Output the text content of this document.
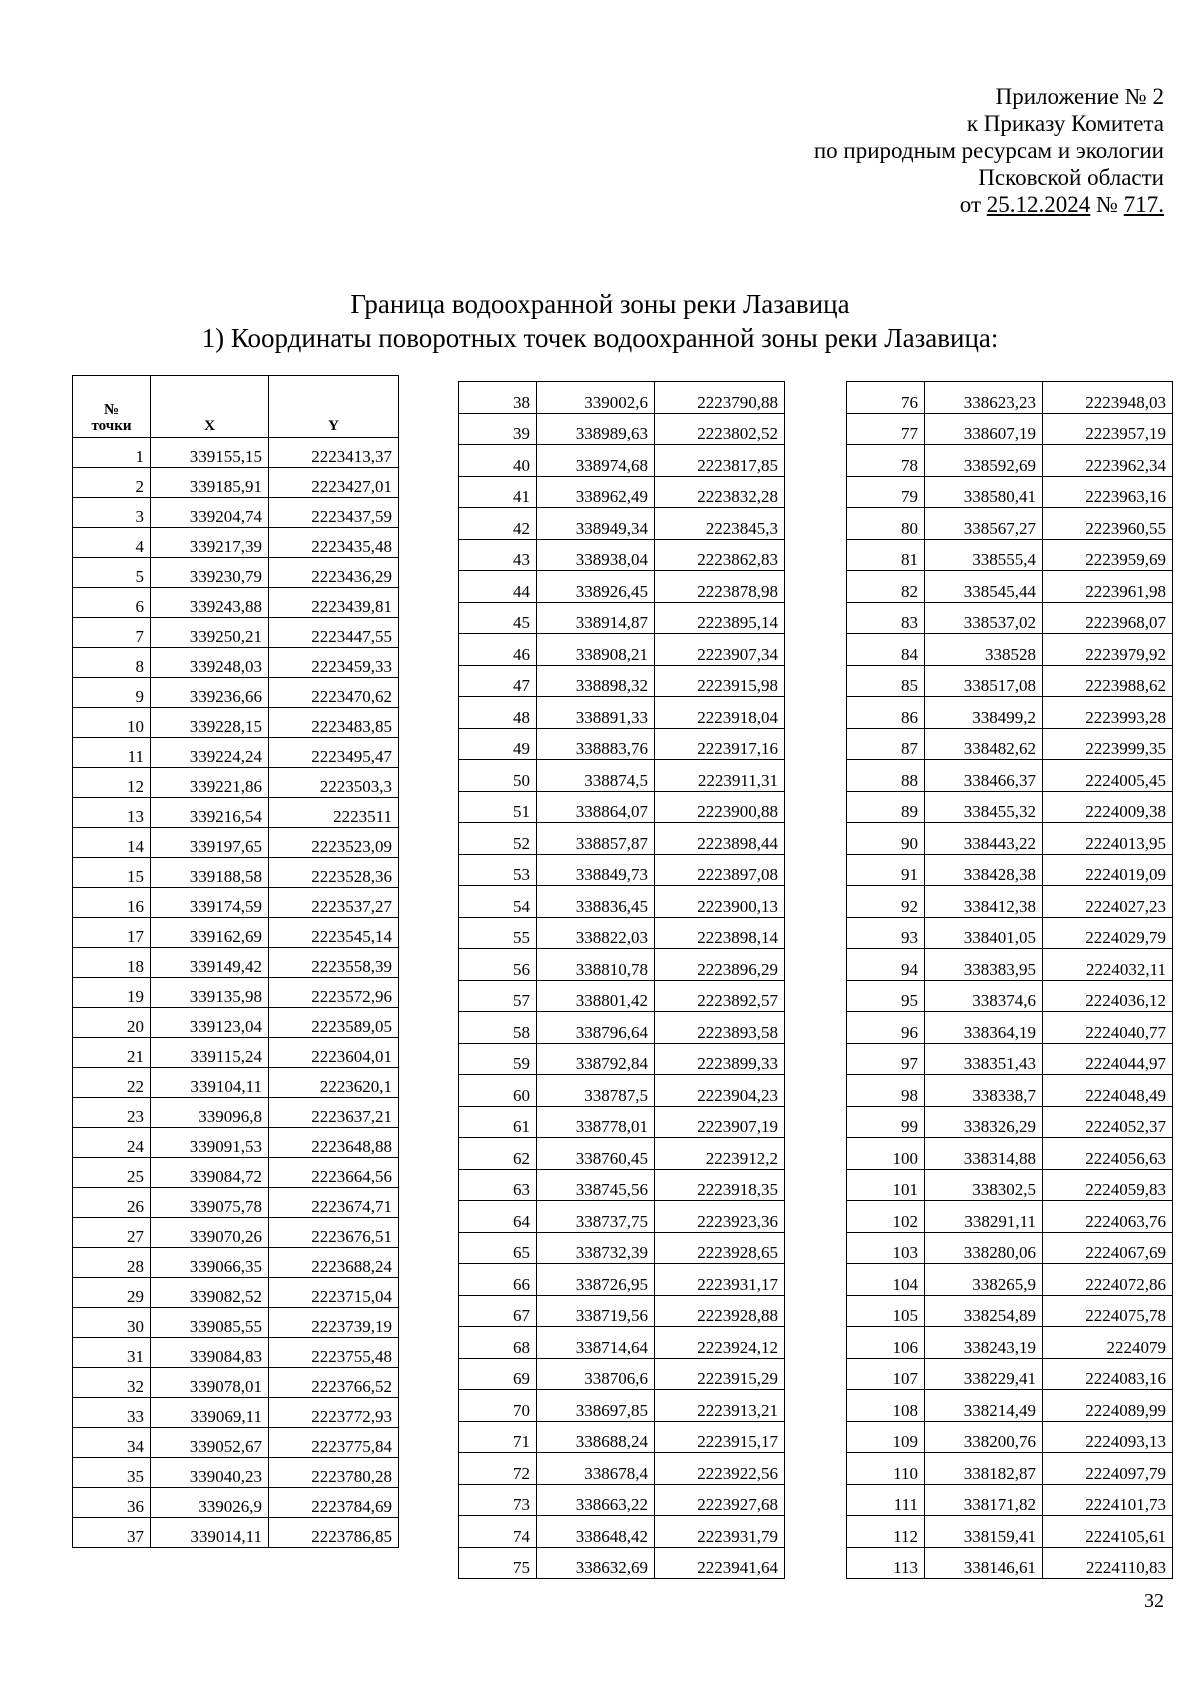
Приложение № 2
к Приказу Комитета
по природным ресурсам и экологии
Псковской области
от 25.12.2024 № 717.
Граница водоохранной зоны реки Лазавица
1) Координаты поворотных точек водоохранной зоны реки Лазавица:
№
точки	X	Y
1	339155,15	2223413,37
2	339185,91	2223427,01
3	339204,74	2223437,59
4	339217,39	2223435,48
5	339230,79	2223436,29
6	339243,88	2223439,81
7	339250,21	2223447,55
8	339248,03	2223459,33
9	339236,66	2223470,62
10	339228,15	2223483,85
11	339224,24	2223495,47
12	339221,86	2223503,3
13	339216,54	2223511
14	339197,65	2223523,09
15	339188,58	2223528,36
16	339174,59	2223537,27
17	339162,69	2223545,14
18	339149,42	2223558,39
19	339135,98	2223572,96
20	339123,04	2223589,05
21	339115,24	2223604,01
22	339104,11	2223620,1
23	339096,8	2223637,21
24	339091,53	2223648,88
25	339084,72	2223664,56
26	339075,78	2223674,71
27	339070,26	2223676,51
28	339066,35	2223688,24
29	339082,52	2223715,04
30	339085,55	2223739,19
31	339084,83	2223755,48
32	339078,01	2223766,52
33	339069,11	2223772,93
34	339052,67	2223775,84
35	339040,23	2223780,28
36	339026,9	2223784,69
37	339014,11	2223786,85
38	339002,6	2223790,88
39	338989,63	2223802,52
40	338974,68	2223817,85
41	338962,49	2223832,28
42	338949,34	2223845,3
43	338938,04	2223862,83
44	338926,45	2223878,98
45	338914,87	2223895,14
46	338908,21	2223907,34
47	338898,32	2223915,98
48	338891,33	2223918,04
49	338883,76	2223917,16
50	338874,5	2223911,31
51	338864,07	2223900,88
52	338857,87	2223898,44
53	338849,73	2223897,08
54	338836,45	2223900,13
55	338822,03	2223898,14
56	338810,78	2223896,29
57	338801,42	2223892,57
58	338796,64	2223893,58
59	338792,84	2223899,33
60	338787,5	2223904,23
61	338778,01	2223907,19
62	338760,45	2223912,2
63	338745,56	2223918,35
64	338737,75	2223923,36
65	338732,39	2223928,65
66	338726,95	2223931,17
67	338719,56	2223928,88
68	338714,64	2223924,12
69	338706,6	2223915,29
70	338697,85	2223913,21
71	338688,24	2223915,17
72	338678,4	2223922,56
73	338663,22	2223927,68
74	338648,42	2223931,79
75	338632,69	2223941,64
76	338623,23	2223948,03
77	338607,19	2223957,19
78	338592,69	2223962,34
79	338580,41	2223963,16
80	338567,27	2223960,55
81	338555,4	2223959,69
82	338545,44	2223961,98
83	338537,02	2223968,07
84	338528	2223979,92
85	338517,08	2223988,62
86	338499,2	2223993,28
87	338482,62	2223999,35
88	338466,37	2224005,45
89	338455,32	2224009,38
90	338443,22	2224013,95
91	338428,38	2224019,09
92	338412,38	2224027,23
93	338401,05	2224029,79
94	338383,95	2224032,11
95	338374,6	2224036,12
96	338364,19	2224040,77
97	338351,43	2224044,97
98	338338,7	2224048,49
99	338326,29	2224052,37
100	338314,88	2224056,63
101	338302,5	2224059,83
102	338291,11	2224063,76
103	338280,06	2224067,69
104	338265,9	2224072,86
105	338254,89	2224075,78
106	338243,19	2224079
107	338229,41	2224083,16
108	338214,49	2224089,99
109	338200,76	2224093,13
110	338182,87	2224097,79
111	338171,82	2224101,73
112	338159,41	2224105,61
113	338146,61	2224110,83
32
